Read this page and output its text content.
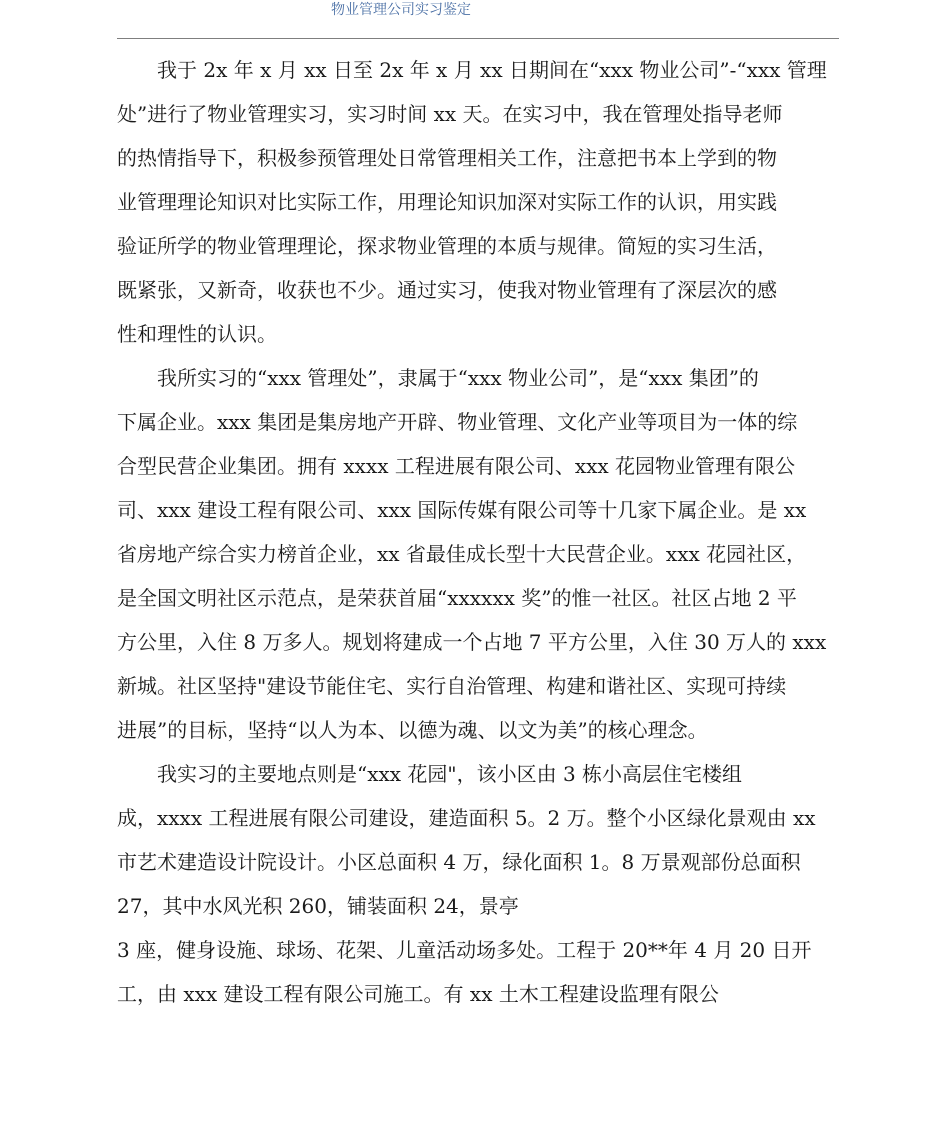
物业管理公司实习鉴定

我于 2x 年 x 月 xx 日至 2x 年 x 月 xx 日期间在“xxx 物业公司”-“xxx 管理
处”进行了物业管理实习，实习时间 xx 天。在实习中，我在管理处指导老师
的热情指导下，积极参预管理处日常管理相关工作，注意把书本上学到的物
业管理理论知识对比实际工作，用理论知识加深对实际工作的认识，用实践
验证所学的物业管理理论，探求物业管理的本质与规律。简短的实习生活，
既紧张，又新奇，收获也不少。通过实习，使我对物业管理有了深层次的感
性和理性的认识。

我所实习的“xxx 管理处”，隶属于“xxx 物业公司”，是“xxx 集团”的
下属企业。xxx 集团是集房地产开辟、物业管理、文化产业等项目为一体的综
合型民营企业集团。拥有 xxxx 工程进展有限公司、xxx 花园物业管理有限公
司、xxx 建设工程有限公司、xxx 国际传媒有限公司等十几家下属企业。是 xx
省房地产综合实力榜首企业，xx 省最佳成长型十大民营企业。xxx 花园社区，
是全国文明社区示范点，是荣获首届“xxxxxx 奖”的惟一社区。社区占地 2 平
方公里，入住 8 万多人。规划将建成一个占地 7 平方公里，入住 30 万人的 xxx
新城。社区坚持"建设节能住宅、实行自治管理、构建和谐社区、实现可持续
进展”的目标，坚持“以人为本、以德为魂、以文为美”的核心理念。

我实习的主要地点则是“xxx 花园"，该小区由 3 栋小高层住宅楼组
成，xxxx 工程进展有限公司建设，建造面积 5。2 万。整个小区绿化景观由 xx
市艺术建造设计院设计。小区总面积 4 万，绿化面积 1。8 万景观部份总面积
27，其中水风光积 260，铺装面积 24，景亭
3 座，健身设施、球场、花架、儿童活动场多处。工程于 20**年 4 月 20 日开
工，由 xxx 建设工程有限公司施工。有 xx 土木工程建设监理有限公
